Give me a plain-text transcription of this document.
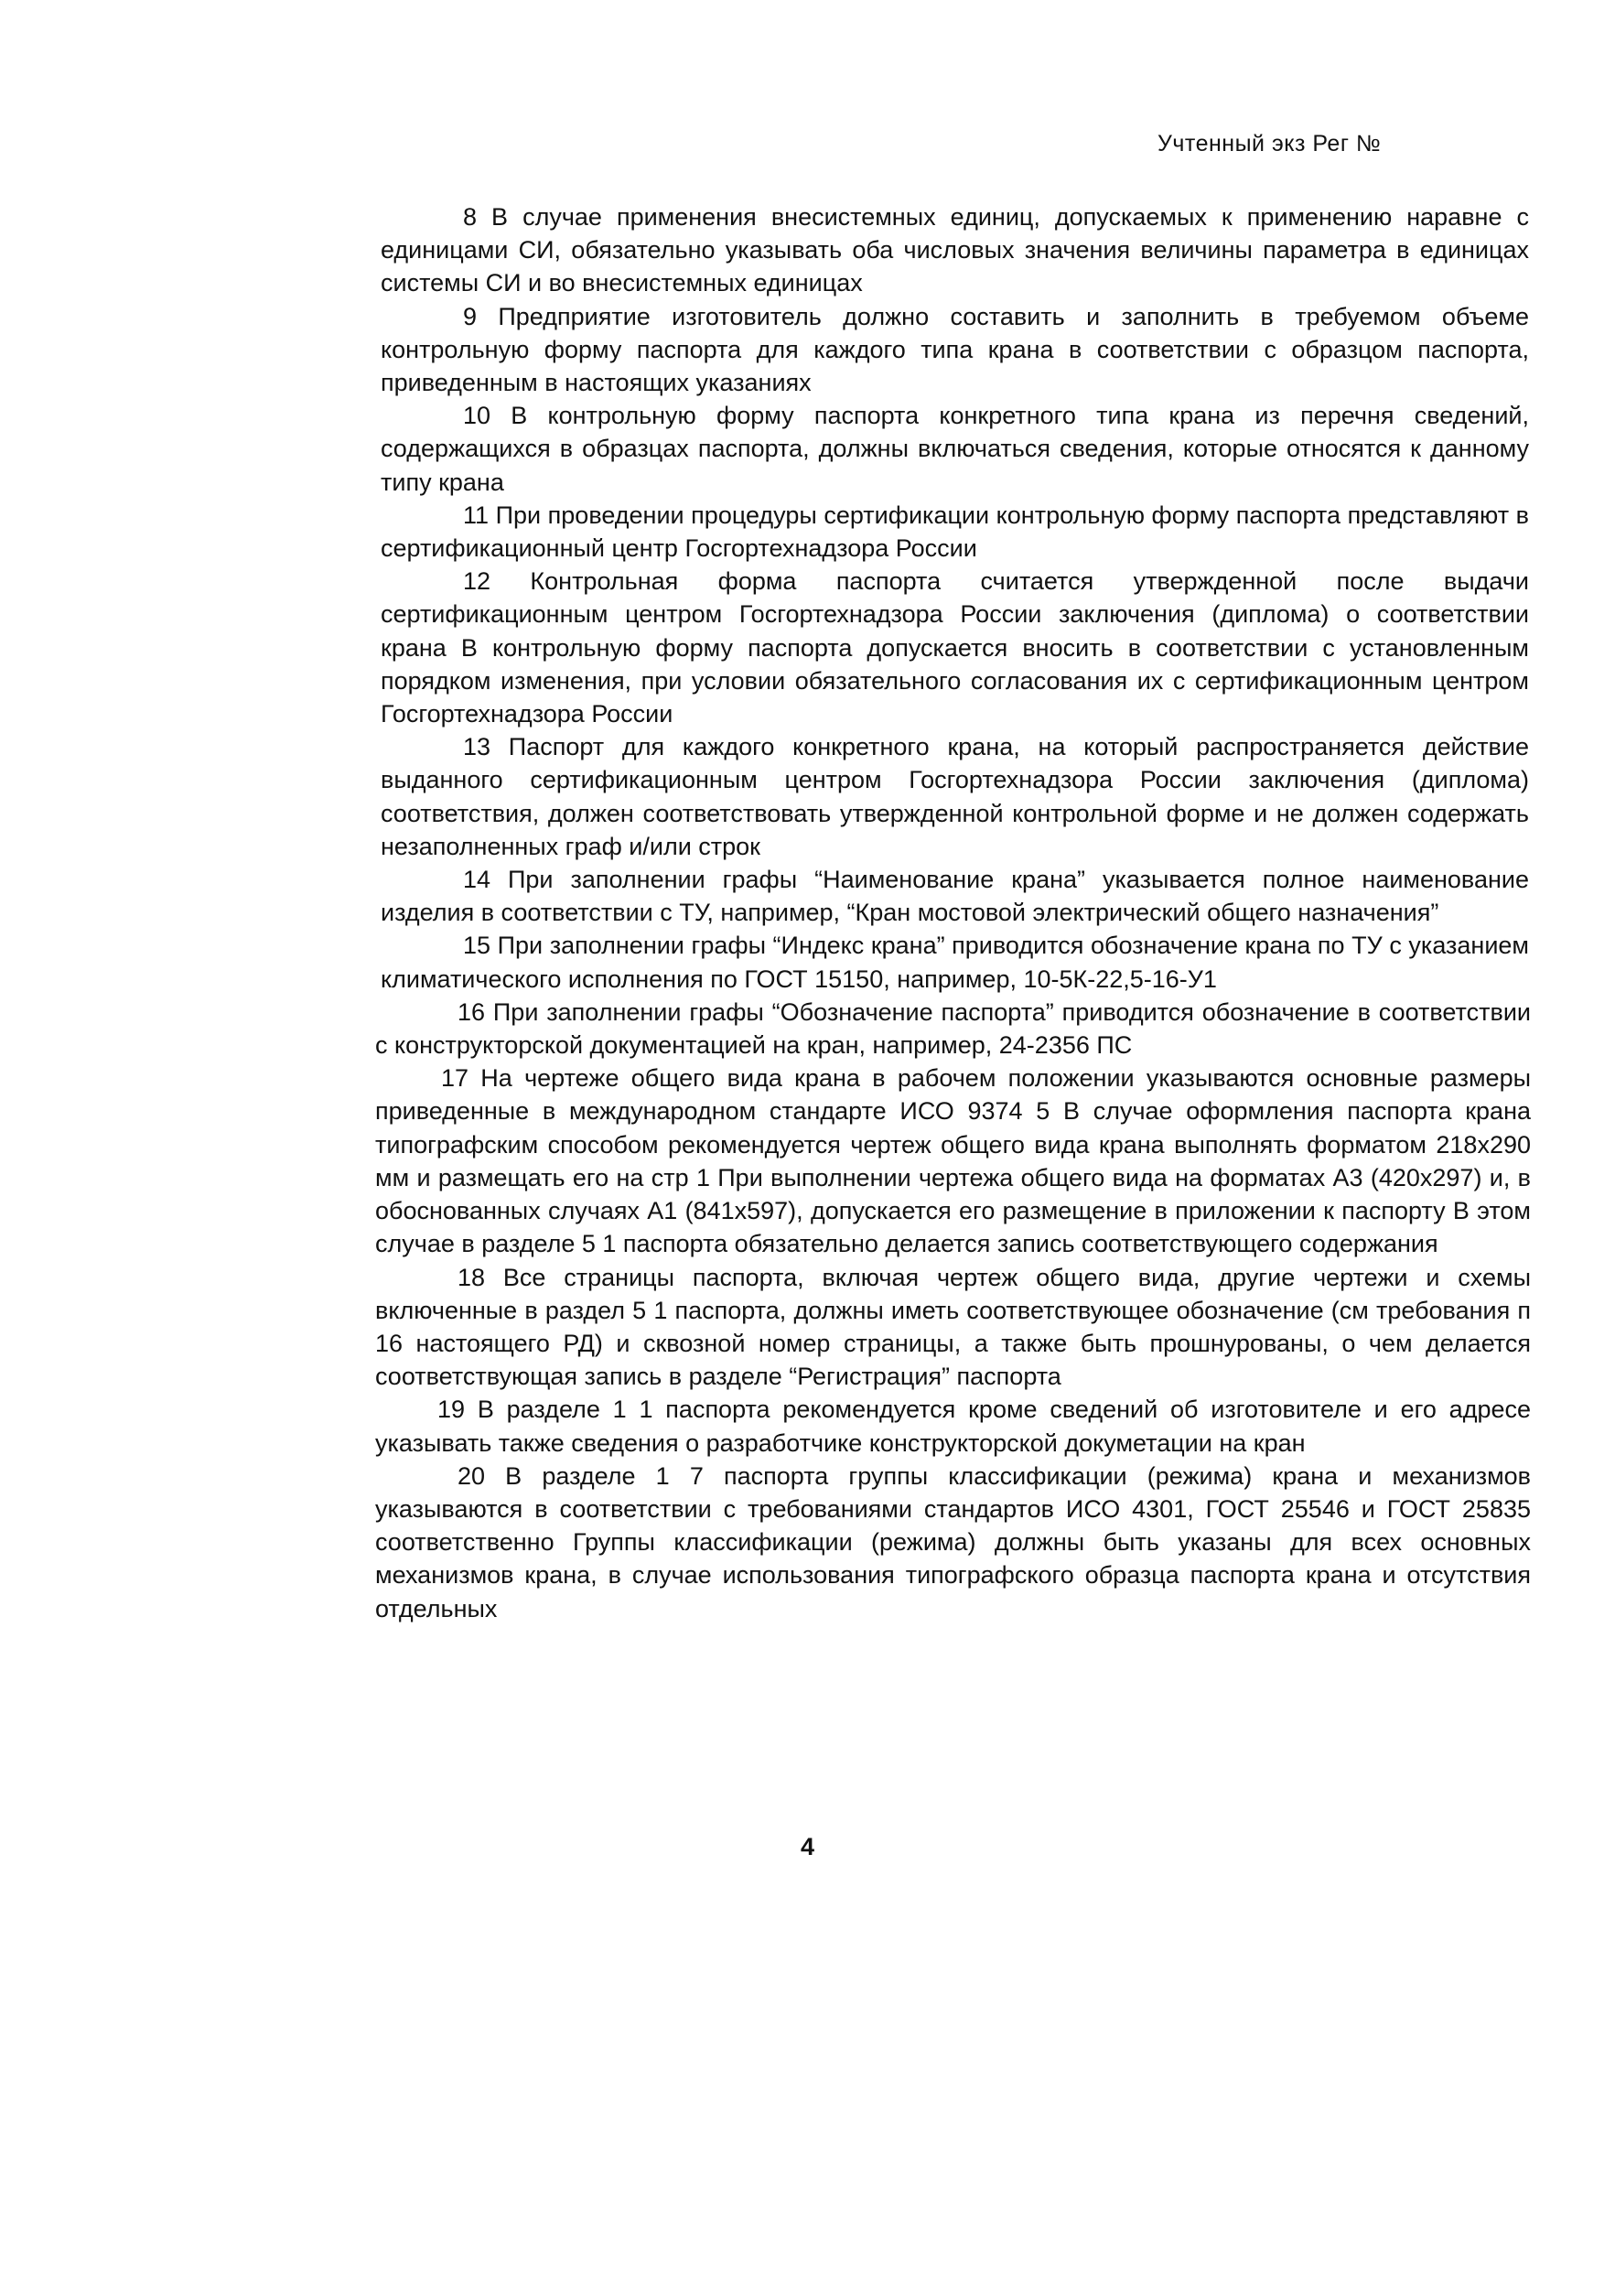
Учтенный экз Рег №

8 В случае применения внесистемных единиц, допускаемых к применению наравне с единицами СИ, обязательно указывать оба числовых значения величины параметра в единицах системы СИ и во внесистемных единицах

9 Предприятие изготовитель должно составить и заполнить в требуемом объеме контрольную форму паспорта для каждого типа крана в соответствии с образцом паспорта, приведенным в настоящих указаниях

10 В контрольную форму паспорта конкретного типа крана из перечня сведений, содержащихся в образцах паспорта, должны включаться сведения, которые относятся к данному типу крана

11 При проведении процедуры сертификации контрольную форму паспорта представляют в сертификационный центр Госгортехнадзора России

12 Контрольная форма паспорта считается утвержденной после выдачи сертификационным центром Госгортехнадзора России заключения (диплома) о соответствии крана В контрольную форму паспорта допускается вносить в соответствии с установленным порядком изменения, при условии обязательного согласования их с сертификационным центром Госгортехнадзора России

13 Паспорт для каждого конкретного крана, на который распространяется действие выданного сертификационным центром Госгортехнадзора России заключения (диплома) соответствия, должен соответствовать утвержденной контрольной форме и не должен содержать незаполненных граф и/или строк

14 При заполнении графы “Наименование крана” указывается полное наименование изделия в соответствии с ТУ, например, “Кран мостовой электрический общего назначения”

15 При заполнении графы “Индекс крана” приводится обозначение крана по ТУ с указанием климатического исполнения по ГОСТ 15150, например, 10-5К-22,5-16-У1

16 При заполнении графы “Обозначение паспорта” приводится обозначение в соответствии с конструкторской документацией на кран, например, 24-2356 ПС

17 На чертеже общего вида крана в рабочем положении указываются основные размеры приведенные в международном стандарте ИСО 9374 5 В случае оформления паспорта крана типографским способом рекомендуется чертеж общего вида крана выполнять форматом 218х290 мм и размещать его на стр 1 При выполнении чертежа общего вида на форматах А3 (420х297) и, в обоснованных случаях А1 (841х597), допускается его размещение в приложении к паспорту В этом случае в разделе 5 1 паспорта обязательно делается запись соответствующего содержания

18 Все страницы паспорта, включая чертеж общего вида, другие чертежи и схемы включенные в раздел 5 1 паспорта, должны иметь соответствующее обозначение (см требования п 16 настоящего РД) и сквозной номер страницы, а также быть прошнурованы, о чем делается соответствующая запись в разделе “Регистрация” паспорта

19 В разделе 1 1 паспорта рекомендуется кроме сведений об изготовителе и его адресе указывать также сведения о разработчике конструкторской докуметации на кран

20 В разделе 1 7 паспорта группы классификации (режима) крана и механизмов указываются в соответствии с требованиями стандартов ИСО 4301, ГОСТ 25546 и ГОСТ 25835 соответственно Группы классификации (режима) должны быть указаны для всех основных механизмов крана, в случае использования типографского образца паспорта крана и отсутствия отдельных

4
